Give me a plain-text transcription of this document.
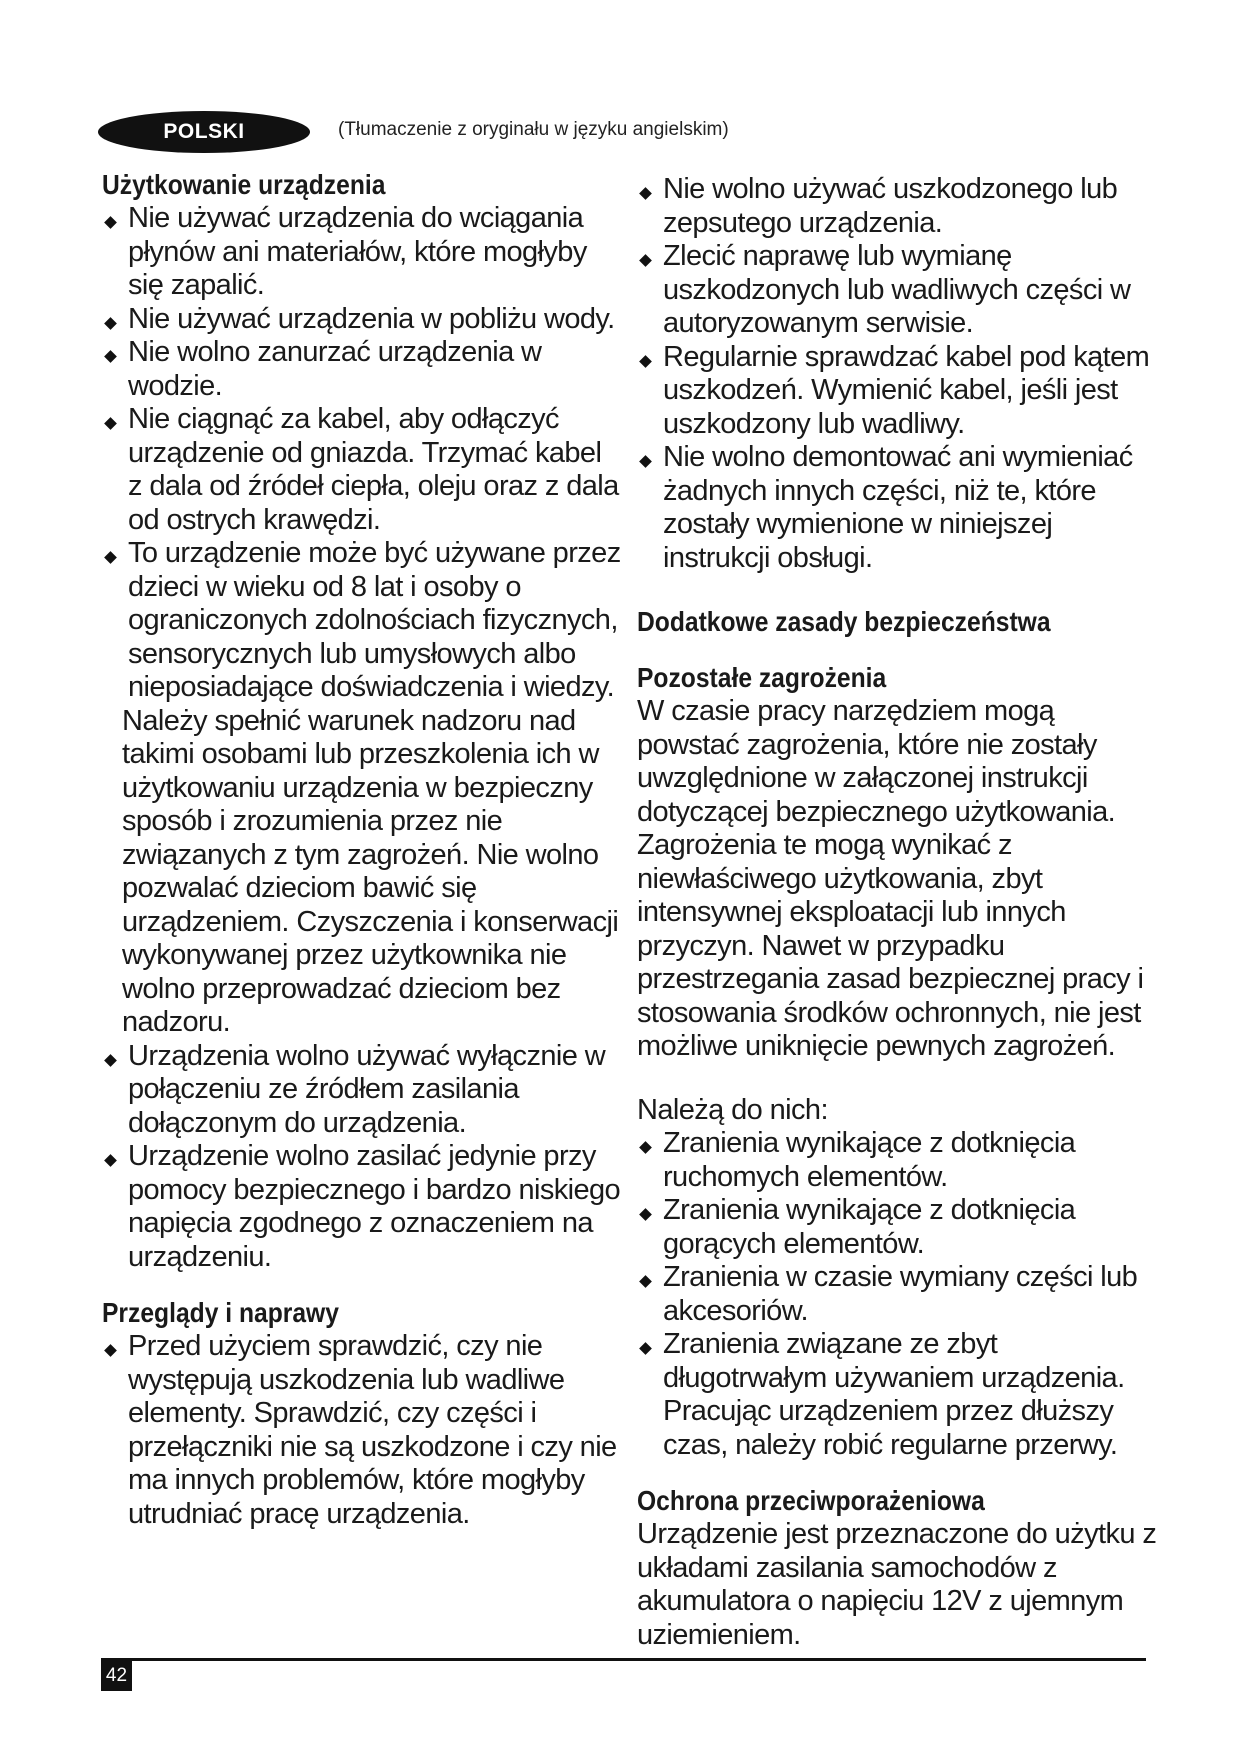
POLSKI	(Tłumaczenie z oryginału w języku angielskim)
Użytkowanie urządzenia
Nie używać urządzenia do wciągania płynów ani materiałów, które mogłyby się zapalić.
Nie używać urządzenia w pobliżu wody.
Nie wolno zanurzać urządzenia w wodzie.
Nie ciągnąć za kabel, aby odłączyć urządzenie od gniazda. Trzymać kabel z dala od źródeł ciepła, oleju oraz z dala od ostrych krawędzi.
To urządzenie może być używane przez dzieci w wieku od 8 lat i osoby o ograniczonych zdolnościach fizycznych, sensorycznych lub umysłowych albo nieposiadające doświadczenia i wiedzy.
Należy spełnić warunek nadzoru nad takimi osobami lub przeszkolenia ich w użytkowaniu urządzenia w bezpieczny sposób i zrozumienia przez nie związanych z tym zagrożeń. Nie wolno pozwalać dzieciom bawić się urządzeniem. Czyszczenia i konserwacji wykonywanej przez użytkownika nie wolno przeprowadzać dzieciom bez nadzoru.
Urządzenia wolno używać wyłącznie w połączeniu ze źródłem zasilania dołączonym do urządzenia.
Urządzenie wolno zasilać jedynie przy pomocy bezpiecznego i bardzo niskiego napięcia zgodnego z oznaczeniem na urządzeniu.
Przeglądy i naprawy
Przed użyciem sprawdzić, czy nie występują uszkodzenia lub wadliwe elementy. Sprawdzić, czy części i przełączniki nie są uszkodzone i czy nie ma innych problemów, które mogłyby utrudniać pracę urządzenia.
Nie wolno używać uszkodzonego lub zepsutego urządzenia.
Zlecić naprawę lub wymianę uszkodzonych lub wadliwych części w autoryzowanym serwisie.
Regularnie sprawdzać kabel pod kątem uszkodzeń. Wymienić kabel, jeśli jest uszkodzony lub wadliwy.
Nie wolno demontować ani wymieniać żadnych innych części, niż te, które zostały wymienione w niniejszej instrukcji obsługi.
Dodatkowe zasady bezpieczeństwa
Pozostałe zagrożenia

W czasie pracy narzędziem mogą powstać zagrożenia, które nie zostały uwzględnione w załączonej instrukcji dotyczącej bezpiecznego użytkowania. Zagrożenia te mogą wynikać z niewłaściwego użytkowania, zbyt intensywnej eksploatacji lub innych przyczyn. Nawet w przypadku przestrzegania zasad bezpiecznej pracy i stosowania środków ochronnych, nie jest możliwe uniknięcie pewnych zagrożeń.

Należą do nich:

Zranienia wynikające z dotknięcia ruchomych elementów.
Zranienia wynikające z dotknięcia gorących elementów.
Zranienia w czasie wymiany części lub akcesoriów.
Zranienia związane ze zbyt długotrwałym używaniem urządzenia. Pracując urządzeniem przez dłuższy czas, należy robić regularne przerwy.
Ochrona przeciwporażeniowa

Urządzenie jest przeznaczone do użytku z układami zasilania samochodów z akumulatora o napięciu 12V z ujemnym uziemieniem.

42
